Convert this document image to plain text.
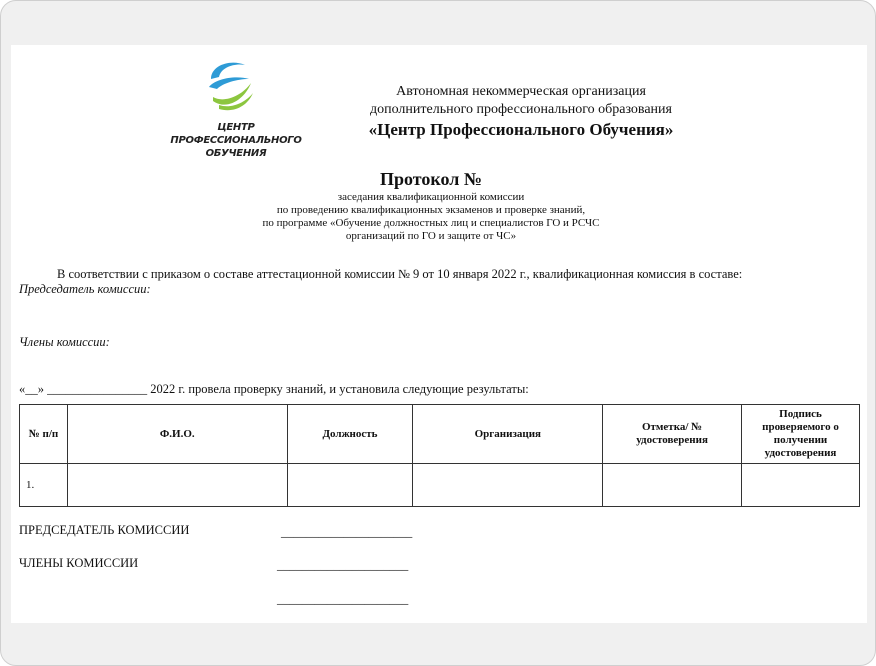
ЦЕНТР
ПРОФЕССИОНАЛЬНОГО
ОБУЧЕНИЯ
Автономная некоммерческая организация
дополнительного профессионального образования
«Центр Профессионального Обучения»
Протокол №
заседания квалификационной комиссии
по проведению квалификационных экзаменов и проверке знаний,
по программе «Обучение должностных лиц и специалистов ГО и РСЧС
организаций по ГО и защите от ЧС»
В соответствии с приказом о составе аттестационной комиссии № 9 от 10 января 2022 г., квалификационная комиссия в составе:
Председатель комиссии:
Члены комиссии:
«__» ________________ 2022 г. провела проверку знаний, и установила следующие результаты:
№ п/п	Ф.И.О.	Должность	Организация	Отметка/ № удостоверения	Подпись проверяемого о получении удостоверения
1.					
ПРЕДСЕДАТЕЛЬ КОМИССИИ	_____________________
ЧЛЕНЫ КОМИССИИ	_____________________
_____________________
